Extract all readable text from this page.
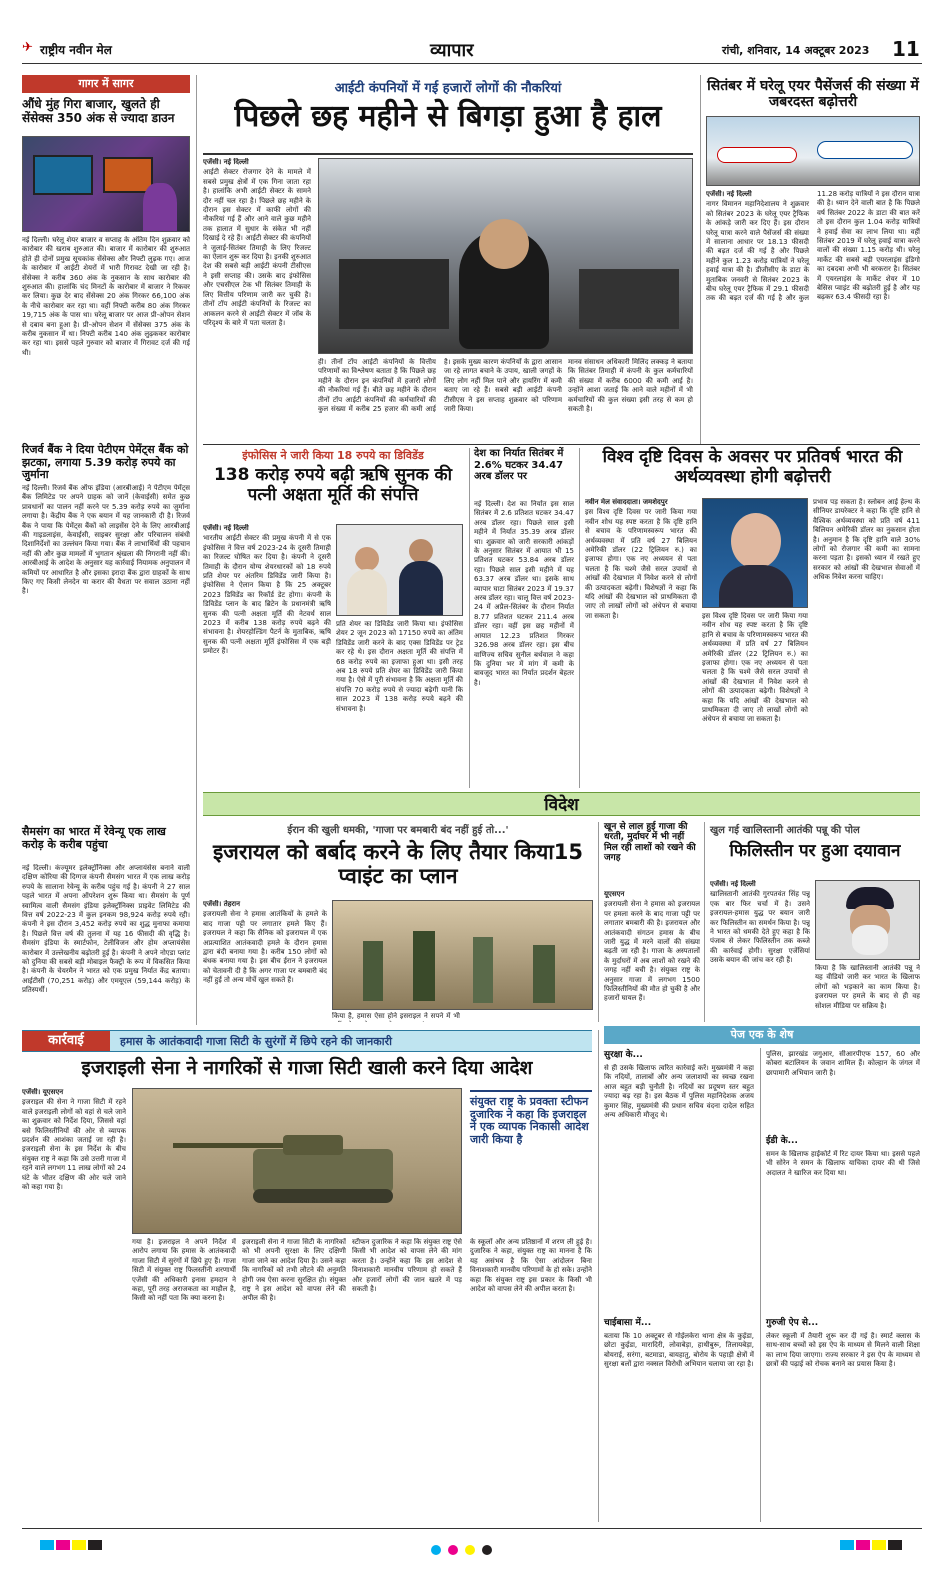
✈ राष्ट्रीय नवीन मेल	व्यापार	रांची, शनिवार, 14 अक्टूबर 2023 11
गागर में सागर
औंधे मुंह गिरा बाजार, खुलते ही सेंसेक्स 350 अंक से ज्यादा डाउन
नई दिल्ली। घरेलू शेयर बाजार व सप्ताह के अंतिम दिन शुक्रवार को कारोबार की खराब शुरुआत की। बाजार में कारोबार की शुरुआत होते ही दोनों प्रमुख सूचकांक सेंसेक्स और निफ्टी लुढ़क गए। आज के कारोबार में आईटी शेयरों में भारी गिरावट देखी जा रही है। सेंसेक्स ने करीब 360 अंक के नुकसान के साथ कारोबार की शुरुआत की। हालांकि चंद मिनटों के कारोबार में बाजार ने रिकवर कर लिया। कुछ देर बाद सेंसेक्स 20 अंक गिरकर 66,100 अंक के नीचे कारोबार कर रहा था। वहीं निफ्टी करीब 80 अंक गिरकर 19,715 अंक के पास था। घरेलू बाजार पर आज प्री-ओपन सेशन से दबाव बना हुआ है। प्री-ओपन सेशन में सेंसेक्स 375 अंक के करीब नुकसान में था। निफ्टी करीब 140 अंक लुढ़ककर कारोबार कर रहा था। इससे पहले गुरुवार को बाजार में गिरावट दर्ज की गई थी।
रिजर्व बैंक ने दिया पेटीएम पेमेंट्स बैंक को झटका, लगाया 5.39 करोड़ रुपये का जुर्माना
नई दिल्ली। रिजर्व बैंक ऑफ इंडिया (आरबीआई) ने पेटीएम पेमेंट्स बैंक लिमिटेड पर अपने ग्राहक को जानें (केवाईसी) समेत कुछ प्रावधानों का पालन नहीं करने पर 5.39 करोड़ रुपये का जुर्माना लगाया है। केंद्रीय बैंक ने एक बयान में यह जानकारी दी है। रिजर्व बैंक ने पाया कि पेमेंट्स बैंकों को लाइसेंस देने के लिए आरबीआई की गाइडलाइंस, केवाईसी, साइबर सुरक्षा और परिचालन संबंधी दिशानिर्देशों का उल्लंघन किया गया। बैंक ने लाभार्थियों की पहचान नहीं की और कुछ मामलों में भुगतान श्रृंखला की निगरानी नहीं की। आरबीआई के आदेश के अनुसार यह कार्रवाई नियामक अनुपालन में कमियों पर आधारित है और इसका इरादा बैंक द्वारा ग्राहकों के साथ किए गए किसी लेनदेन या करार की वैधता पर सवाल उठाना नहीं है।
सैमसंग का भारत में रेवेन्यू एक लाख करोड़ के करीब पहुंचा
नई दिल्ली। कंज्यूमर इलेक्ट्रॉनिक्स और अप्लायंसेस बनाने वाली दक्षिण कोरिया की दिग्गज कंपनी सैमसंग भारत में एक लाख करोड़ रुपये के सालाना रेवेन्यू के करीब पहुंच गई है। कंपनी ने 27 साल पहले भारत में अपना ऑपरेशन शुरू किया था। सैमसंग के पूर्ण स्वामित्व वाली सैमसंग इंडिया इलेक्ट्रॉनिक्स प्राइवेट लिमिटेड की वित्त वर्ष 2022-23 में कुल इनकम 98,924 करोड़ रुपये रही। कंपनी ने इस दौरान 3,452 करोड़ रुपये का शुद्ध मुनाफा कमाया है। पिछले वित्त वर्ष की तुलना में यह 16 फीसदी की वृद्धि है। सैमसंग इंडिया के स्मार्टफोन, टेलीविजन और होम अप्लायंसेस कारोबार में उल्लेखनीय बढ़ोतरी हुई है। कंपनी ने अपने नोएडा प्लांट को दुनिया की सबसे बड़ी मोबाइल फैक्ट्री के रूप में विकसित किया है। कंपनी के चेयरमैन ने भारत को एक प्रमुख निर्यात केंद्र बताया। आईटीसी (70,251 करोड़) और एमयूएल (59,144 करोड़) के प्रतिस्पर्धी।
आईटी कंपनियों में गई हजारों लोगों की नौकरियां
पिछले छह महीने से बिगड़ा हुआ है हाल
एजेंसी। नई दिल्ली
आईटी सेक्टर रोजगार देने के मामले में सबसे प्रमुख क्षेत्रों में एक गिना जाता रहा है। हालांकि अभी आईटी सेक्टर के सामने दौर नहीं चल रहा है। पिछले छह महीने के दौरान इस सेक्टर में काफी लोगों की नौकरियां गई हैं और आने वाले कुछ महीने तक हालात में सुधार के संकेत भी नहीं दिखाई दे रहे हैं। आईटी सेक्टर की कंपनियों ने जुलाई-सितंबर तिमाही के लिए रिजल्ट का ऐलान शुरू कर दिया है। इनकी शुरुआत देश की सबसे बड़ी आईटी कंपनी टीसीएस ने इसी सप्ताह की। उसके बाद इंफोसिस और एचसीएल टेक भी सितंबर तिमाही के लिए वित्तीय परिणाम जारी कर चुकी है। तीनों टॉप आईटी कंपनियों के रिजल्ट का आकलन करने से आईटी सेक्टर में जॉब के परिदृश्य के बारे में पता चलता है।
ही। तीनों टॉप आईटी कंपनियों के वित्तीय परिणामों का विश्लेषण बताता है कि पिछले छह महीने के दौरान इन कंपनियों में हजारों लोगों की नौकरियां गई हैं। बीते छह महीने के दौरान तीनों टॉप आईटी कंपनियों की कर्मचारियों की कुल संख्या में करीब 25 हजार की कमी आई है। इसके मुख्य कारण कंपनियों के द्वारा आसान जा रहे लागत बचाने के उपाय, खाली जगहों के लिए लोग नहीं मिल पाने और हायरिंग में कमी बताए जा रहे हैं। सबसे बड़ी आईटी कंपनी टीसीएस ने इस सप्ताह शुक्रवार को परिणाम जारी किया।
मानव संसाधन अधिकारी मिलिंद लक्कड़ ने बताया कि सितंबर तिमाही में कंपनी के कुल कर्मचारियों की संख्या में करीब 6000 की कमी आई है। उन्होंने आशा जताई कि आने वाले महीनों में भी कर्मचारियों की कुल संख्या इसी तरह से कम हो सकती है।
सितंबर में घरेलू एयर पैसेंजर्स की संख्या में जबरदस्त बढ़ोत्तरी
एजेंसी। नई दिल्ली
नागर विमानन महानिदेशालय ने शुक्रवार को सितंबर 2023 के घरेलू एयर ट्रैफिक के आंकड़े जारी कर दिए हैं। इस दौरान घरेलू यात्रा करने वाले पैसेंजर्स की संख्या में सालाना आधार पर 18.13 फीसदी की बढ़त दर्ज की गई है और पिछले महीने कुल 1.23 करोड़ यात्रियों ने घरेलू हवाई यात्रा की है। डीजीसीए के डाटा के मुताबिक जनवरी से सितंबर 2023 के बीच घरेलू एयर ट्रैफिक में 29.1 फीसदी तक की बढ़त दर्ज की गई है और कुल 11.28 करोड़ यात्रियों ने इस दौरान यात्रा की है। ध्यान देने वाली बात है कि पिछले वर्ष सितंबर 2022 के डाटा की बात करें तो इस दौरान कुल 1.04 करोड़ यात्रियों ने हवाई सेवा का लाभ लिया था। वहीं सितंबर 2019 में घरेलू हवाई यात्रा करने वालों की संख्या 1.15 करोड़ थी। घरेलू मार्केट की सबसे बड़ी एयरलाइंस इंडिगो का दबदबा अभी भी बरकरार है। सितंबर में एयरलाइंस के मार्केट शेयर में 10 बेसिस प्वाइंट की बढ़ोतरी हुई है और यह बढ़कर 63.4 फीसदी रहा है।
इंफोसिस ने जारी किया 18 रुपये का डिविडेंड
138 करोड़ रुपये बढ़ी ऋषि सुनक की पत्नी अक्षता मूर्ति की संपत्ति
एजेंसी। नई दिल्ली
भारतीय आईटी सेक्टर की प्रमुख कंपनी में से एक इंफोसिस ने वित्त वर्ष 2023-24 के दूसरी तिमाही का रिजल्ट घोषित कर दिया है। कंपनी ने दूसरी तिमाही के दौरान योग्य शेयरधारकों को 18 रुपये प्रति शेयर पर अंतरिम डिविडेंड जारी किया है। इंफोसिस ने ऐलान किया है कि 25 अक्टूबर 2023 डिविडेंड का रिकॉर्ड डेट होगा। कंपनी के डिविडेंड प्लान के बाद ब्रिटेन के प्रधानमंत्री ऋषि सुनक की पत्नी अक्षता मूर्ति की नेटवर्थ साल 2023 में करीब 138 करोड़ रुपये बढ़ने की संभावना है। शेयरहोल्डिंग पैटर्न के मुताबिक, ऋषि सुनक की पत्नी अक्षता मूर्ति इंफोसिस में एक बड़ी प्रमोटर हैं।
प्रति शेयर का डिविडेंड जारी किया था। इंफोसिस शेयर 2 जून 2023 को 17150 रुपये का अंतिम डिविडेंड जारी करने के बाद एक्स डिविडेंड पर ट्रेड कर रहे थे। इस दौरान अक्षता मूर्ति की संपत्ति में 68 करोड़ रुपये का इजाफा हुआ था। इसी तरह अब 18 रुपये प्रति शेयर का डिविडेंड जारी किया गया है। ऐसे में पूरी संभावना है कि अक्षता मूर्ति की संपत्ति 70 करोड़ रुपये से ज्यादा बढ़ेगी यानी कि साल 2023 में 138 करोड़ रुपये बढ़ने की संभावना है।
देश का निर्यात सितंबर में 2.6% घटकर 34.47 अरब डॉलर पर
नई दिल्ली। देश का निर्यात इस साल सितंबर में 2.6 प्रतिशत घटकर 34.47 अरब डॉलर रहा। पिछले साल इसी महीने में निर्यात 35.39 अरब डॉलर था। शुक्रवार को जारी सरकारी आंकड़ों के अनुसार सितंबर में आयात भी 15 प्रतिशत घटकर 53.84 अरब डॉलर रहा। पिछले साल इसी महीने में यह 63.37 अरब डॉलर था। इसके साथ व्यापार घाटा सितंबर 2023 में 19.37 अरब डॉलर रहा। चालू वित्त वर्ष 2023-24 में अप्रैल-सितंबर के दौरान निर्यात 8.77 प्रतिशत घटकर 211.4 अरब डॉलर रहा। वहीं इस छह महीनों में आयात 12.23 प्रतिशत गिरकर 326.98 अरब डॉलर रहा। इस बीच वाणिज्य सचिव सुनील बर्थवाल ने कहा कि दुनिया भर में मांग में कमी के बावजूद भारत का निर्यात प्रदर्शन बेहतर है।
विश्व दृष्टि दिवस के अवसर पर प्रतिवर्ष भारत की अर्थव्यवस्था होगी बढ़ोत्तरी
नवीन मेल संवाददाता। जमशेदपुर
इस विश्व दृष्टि दिवस पर जारी किया गया नवीन शोध यह स्पष्ट करता है कि दृष्टि हानि से बचाव के परिणामस्वरूप भारत की अर्थव्यवस्था में प्रति वर्ष 27 बिलियन अमेरिकी डॉलर (22 ट्रिलियन रु.) का इजाफा होगा। एक नए अध्ययन से पता चलता है कि चश्मे जैसे सरल उपायों से आंखों की देखभाल में निवेश करने से लोगों की उत्पादकता बढ़ेगी। विशेषज्ञों ने कहा कि यदि आंखों की देखभाल को प्राथमिकता दी जाए तो लाखों लोगों को अंधेपन से बचाया जा सकता है।
प्रभाव पड़ सकता है। स्लोबन आई हेल्थ के सीनियर डायरेक्टर ने कहा कि दृष्टि हानि से वैश्विक अर्थव्यवस्था को प्रति वर्ष 411 बिलियन अमेरिकी डॉलर का नुकसान होता है। अनुमान है कि दृष्टि हानि वाले 30% लोगों को रोजगार की कमी का सामना करना पड़ता है। इसको ध्यान में रखते हुए सरकार को आंखों की देखभाल सेवाओं में अधिक निवेश करना चाहिए।
इस विश्व दृष्टि दिवस पर जारी किया गया नवीन शोध यह स्पष्ट करता है कि दृष्टि हानि से बचाव के परिणामस्वरूप भारत की अर्थव्यवस्था में प्रति वर्ष 27 बिलियन अमेरिकी डॉलर (22 ट्रिलियन रु.) का इजाफा होगा। एक नए अध्ययन से पता चलता है कि चश्मे जैसे सरल उपायों से आंखों की देखभाल में निवेश करने से लोगों की उत्पादकता बढ़ेगी। विशेषज्ञों ने कहा कि यदि आंखों की देखभाल को प्राथमिकता दी जाए तो लाखों लोगों को अंधेपन से बचाया जा सकता है।
विदेश
ईरान की खुली धमकी, 'गाजा पर बमबारी बंद नहीं हुई तो...'
इजरायल को बर्बाद करने के लिए तैयार किया15 प्वाइंट का प्लान
एजेंसी। तेहरान
इजरायली सेना ने हमास आतंकियों के हमले के बाद गाजा पट्टी पर लगातार हमले किए हैं। इजरायल ने कहा कि सैनिक को इजरायल में एक अप्रत्याशित आतंकवादी हमले के दौरान हमास द्वारा बंदी बनाया गया है। करीब 150 लोगों को बंधक बनाया गया है। इस बीच ईरान ने इजरायल को चेतावनी दी है कि अगर गाजा पर बमबारी बंद नहीं हुई तो अन्य मोर्चे खुल सकते हैं।
खून से लाल हुई गाजा की धरती, मुर्दाघर में भी नहीं मिल रही लाशों को रखने की जगह
यूएसएन
इजरायली सेना ने हमास को इजरायल पर हमला करने के बाद गाजा पट्टी पर लगातार बमबारी की है। इजरायल और आतंकवादी संगठन हमास के बीच जारी युद्ध में मरने वालों की संख्या बढ़ती जा रही है। गाजा के अस्पतालों के मुर्दाघरों में अब लाशों को रखने की जगह नहीं बची है। संयुक्त राष्ट्र के अनुसार गाजा में लगभग 1500 फिलिस्तीनियों की मौत हो चुकी है और हजारों घायल हैं।
खुल गई खालिस्तानी आतंकी पन्नू की पोल
फिलिस्तीन पर हुआ दयावान
एजेंसी। नई दिल्ली
खालिस्तानी आतंकी गुरपतवंत सिंह पन्नू एक बार फिर चर्चा में है। उसने इजरायल-हमास युद्ध पर बयान जारी कर फिलिस्तीन का समर्थन किया है। पन्नू ने भारत को धमकी देते हुए कहा है कि पंजाब से लेकर फिलिस्तीन तक कब्जे की कार्रवाई होगी। सुरक्षा एजेंसियां उसके बयान की जांच कर रही हैं।
किया है कि खालिस्तानी आतंकी पन्नू ने यह वीडियो जारी कर भारत के खिलाफ लोगों को भड़काने का काम किया है। इजरायल पर हमले के बाद से ही वह सोशल मीडिया पर सक्रिय है।
किया है, हमास ऐसा होने इसराइल ने सपने में भी
कार्रवाई	हमास के आतंकवादी गाजा सिटी के सुरंगों में छिपे रहने की जानकारी
इजराइली सेना ने नागरिकों से गाजा सिटी खाली करने दिया आदेश
एजेंसी। यूएसएन
इजराइल की सेना ने गाजा सिटी में रहने वाले इजराइली लोगों को वहां से चले जाने का शुक्रवार को निर्देश दिया, जिससे वहां बसे फिलिस्तीनियों की ओर से व्यापक प्रदर्शन की आशंका जताई जा रही है। इजराइली सेना के इस निर्देश के बीच संयुक्त राष्ट्र ने कहा कि उसे उत्तरी गाजा में रहने वाले लगभग 11 लाख लोगों को 24 घंटे के भीतर दक्षिण की ओर चले जाने को कहा गया है।
गया है। इजराइल ने अपने निर्देश में आरोप लगाया कि हमास के आतंकवादी गाजा सिटी में सुरंगों में छिपे हुए हैं। गाजा सिटी में संयुक्त राष्ट्र फिलस्तीनी शरणार्थी एजेंसी की अधिकारी इनास हमदान ने कहा, पूरी तरह अराजकता का माहौल है, किसी को नहीं पता कि क्या करना है।
इजराइली सेना ने गाजा सिटी के नागरिकों को भी अपनी सुरक्षा के लिए दक्षिणी गाजा जाने का आदेश दिया है। उसने कहा कि नागरिकों को तभी लौटने की अनुमति होगी जब ऐसा करना सुरक्षित हो। संयुक्त राष्ट्र ने इस आदेश को वापस लेने की अपील की है।
स्टीफन दुजारिक ने कहा कि संयुक्त राष्ट्र ऐसे किसी भी आदेश को वापस लेने की मांग करता है। उन्होंने कहा कि इस आदेश से विनाशकारी मानवीय परिणाम हो सकते हैं और हजारों लोगों की जान खतरे में पड़ सकती है।
संयुक्त राष्ट्र के प्रवक्ता स्टीफन दुजारिक ने कहा कि इजराइल ने एक व्यापक निकासी आदेश जारी किया है
के स्कूलों और अन्य प्रतिष्ठानों में शरण ली हुई है। दुजारिक ने कहा, संयुक्त राष्ट्र का मानना है कि यह असंभव है कि ऐसा आंदोलन बिना विनाशकारी मानवीय परिणामों के हो सके। उन्होंने कहा कि संयुक्त राष्ट्र इस प्रकार के किसी भी आदेश को वापस लेने की अपील करता है।
पेज एक के शेष
सुरक्षा के...
से ही उसके खिलाफ त्वरित कार्रवाई करें। मुख्यमंत्री ने कहा कि नदियों, तालाबों और अन्य जलाशयों का स्वच्छ रखना आज बहुत बड़ी चुनौती है। नदियों का प्रदूषण स्तर बहुत ज्यादा बढ़ रहा है। इस बैठक में पुलिस महानिदेशक अजय कुमार सिंह, मुख्यमंत्री की प्रधान सचिव वंदना दादेल सहित अन्य अधिकारी मौजूद थे।
चाईबासा में...
बताया कि 10 अक्टूबर से गोईलकेरा थाना क्षेत्र के कुईडा, छोटा कुईडा, मारादिरी, लोवाबेड़ा, हाथीबुरू, तिलायबेड़ा, बोयराई, सरंगा, बटमाडा, बायहातु, बोरोय के पहाड़ी क्षेत्रों में सुरक्षा बलों द्वारा नक्सल विरोधी अभियान चलाया जा रहा है।
पुलिस, झारखंड जगुआर, सीआरपीएफ 157, 60 और कोबरा बटालियन के जवान शामिल हैं। कोल्हान के जंगल में छापामारी अभियान जारी है।
ईडी के...
समन के खिलाफ हाईकोर्ट में रिट दायर किया था। इससे पहले भी सोरेन ने समन के खिलाफ याचिका दायर की थी जिसे अदालत ने खारिज कर दिया था।
गुरुजी ऐप से...
लेकर स्कूली में तैयारी शुरू कर दी गई है। स्मार्ट क्लास के साथ-साथ बच्चों को इस ऐप के माध्यम से मिलने वाली शिक्षा का लाभ दिया जाएगा। राज्य सरकार ने इस ऐप के माध्यम से छात्रों की पढ़ाई को रोचक बनाने का प्रयास किया है।
